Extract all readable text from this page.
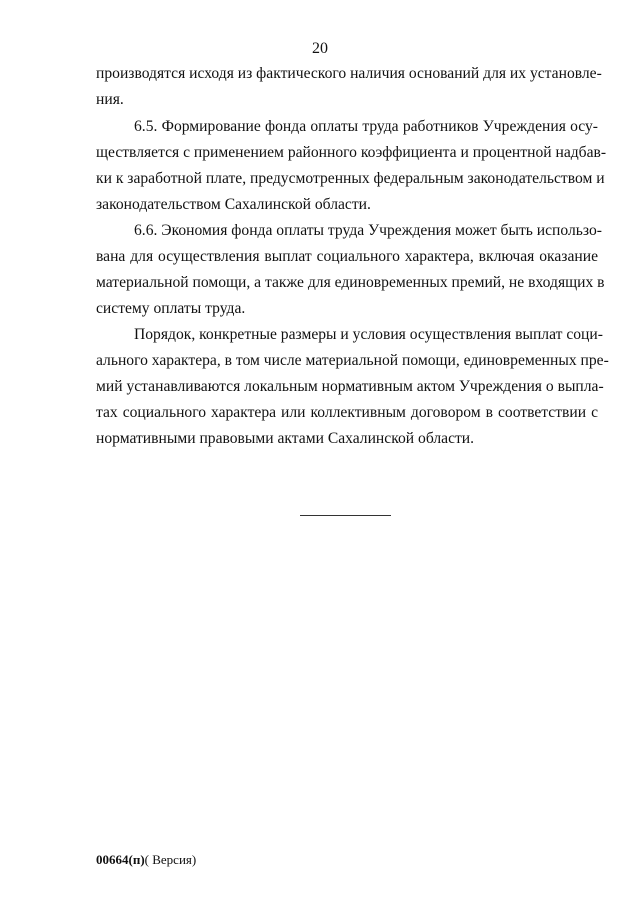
20
производятся исходя из фактического наличия оснований для их установле-
ния.
6.5. Формирование фонда оплаты труда работников Учреждения осу-
ществляется с применением районного коэффициента и процентной надбав-
ки к заработной плате, предусмотренных федеральным законодательством и
законодательством Сахалинской области.
6.6. Экономия фонда оплаты труда Учреждения может быть использо-
вана для осуществления выплат социального характера, включая оказание
материальной помощи, а также для единовременных премий, не входящих в
систему оплаты труда.
Порядок, конкретные размеры и условия осуществления выплат соци-
ального характера, в том числе материальной помощи, единовременных пре-
мий устанавливаются локальным нормативным актом Учреждения о выпла-
тах социального характера или коллективным договором в соответствии с
нормативными правовыми актами Сахалинской области.
00664(п)( Версия)
